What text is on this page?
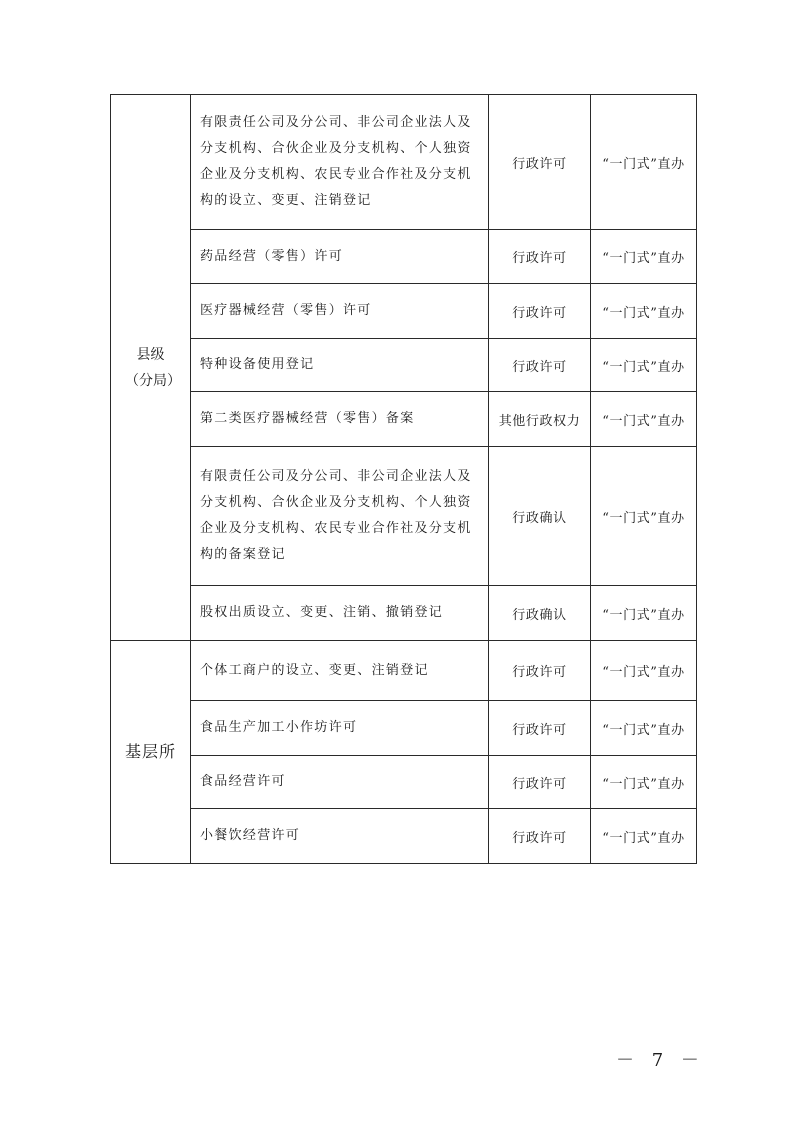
县级（分局）	有限责任公司及分公司、非公司企业法人及分支机构、合伙企业及分支机构、个人独资企业及分支机构、农民专业合作社及分支机构的设立、变更、注销登记	行政许可	“一门式”直办
	药品经营（零售）许可	行政许可	“一门式”直办
	医疗器械经营（零售）许可	行政许可	“一门式”直办
	特种设备使用登记	行政许可	“一门式”直办
	第二类医疗器械经营（零售）备案	其他行政权力	“一门式”直办
	有限责任公司及分公司、非公司企业法人及分支机构、合伙企业及分支机构、个人独资企业及分支机构、农民专业合作社及分支机构的备案登记	行政确认	“一门式”直办
	股权出质设立、变更、注销、撤销登记	行政确认	“一门式”直办
基层所	个体工商户的设立、变更、注销登记	行政许可	“一门式”直办
	食品生产加工小作坊许可	行政许可	“一门式”直办
	食品经营许可	行政许可	“一门式”直办
	小餐饮经营许可	行政许可	“一门式”直办
－ 7 －
